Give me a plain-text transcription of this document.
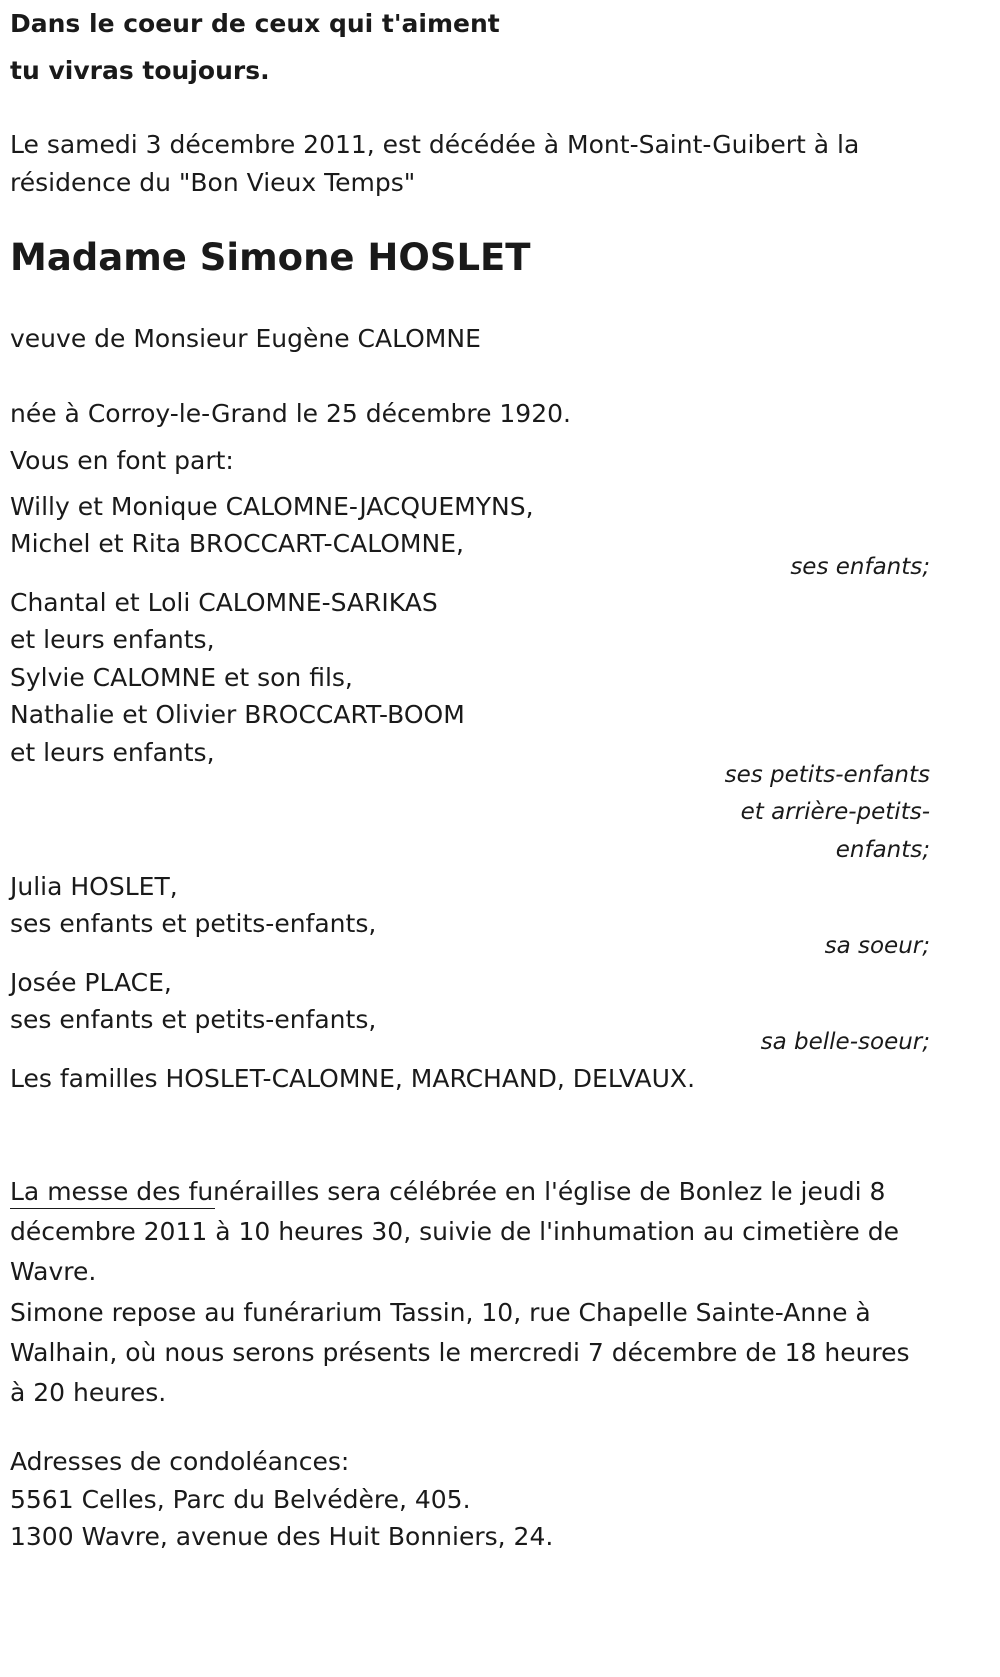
Dans le coeur de ceux qui t'aiment

tu vivras toujours.

Le samedi 3 décembre 2011, est décédée à Mont-Saint-Guibert à la

résidence du "Bon Vieux Temps"

Madame Simone HOSLET

veuve de Monsieur Eugène CALOMNE

née à Corroy-le-Grand le 25 décembre 1920.

Vous en font part:

Willy et Monique CALOMNE-JACQUEMYNS,

Michel et Rita BROCCART-CALOMNE,

ses enfants;

Chantal et Loli CALOMNE-SARIKAS

et leurs enfants,

Sylvie CALOMNE et son fils,

Nathalie et Olivier BROCCART-BOOM

et leurs enfants,

ses petits-enfants
et arrière-petits-
enfants;

Julia HOSLET,

ses enfants et petits-enfants,

sa soeur;

Josée PLACE,

ses enfants et petits-enfants,

sa belle-soeur;

Les familles HOSLET-CALOMNE, MARCHAND, DELVAUX.

La messe des funérailles sera célébrée en l'église de Bonlez le jeudi 8 décembre 2011 à 10 heures 30, suivie de l'inhumation au cimetière de Wavre.

Simone repose au funérarium Tassin, 10, rue Chapelle Sainte-Anne à Walhain, où nous serons présents le mercredi 7 décembre de 18 heures à 20 heures.

Adresses de condoléances:

5561 Celles, Parc du Belvédère, 405.

1300 Wavre, avenue des Huit Bonniers, 24.
